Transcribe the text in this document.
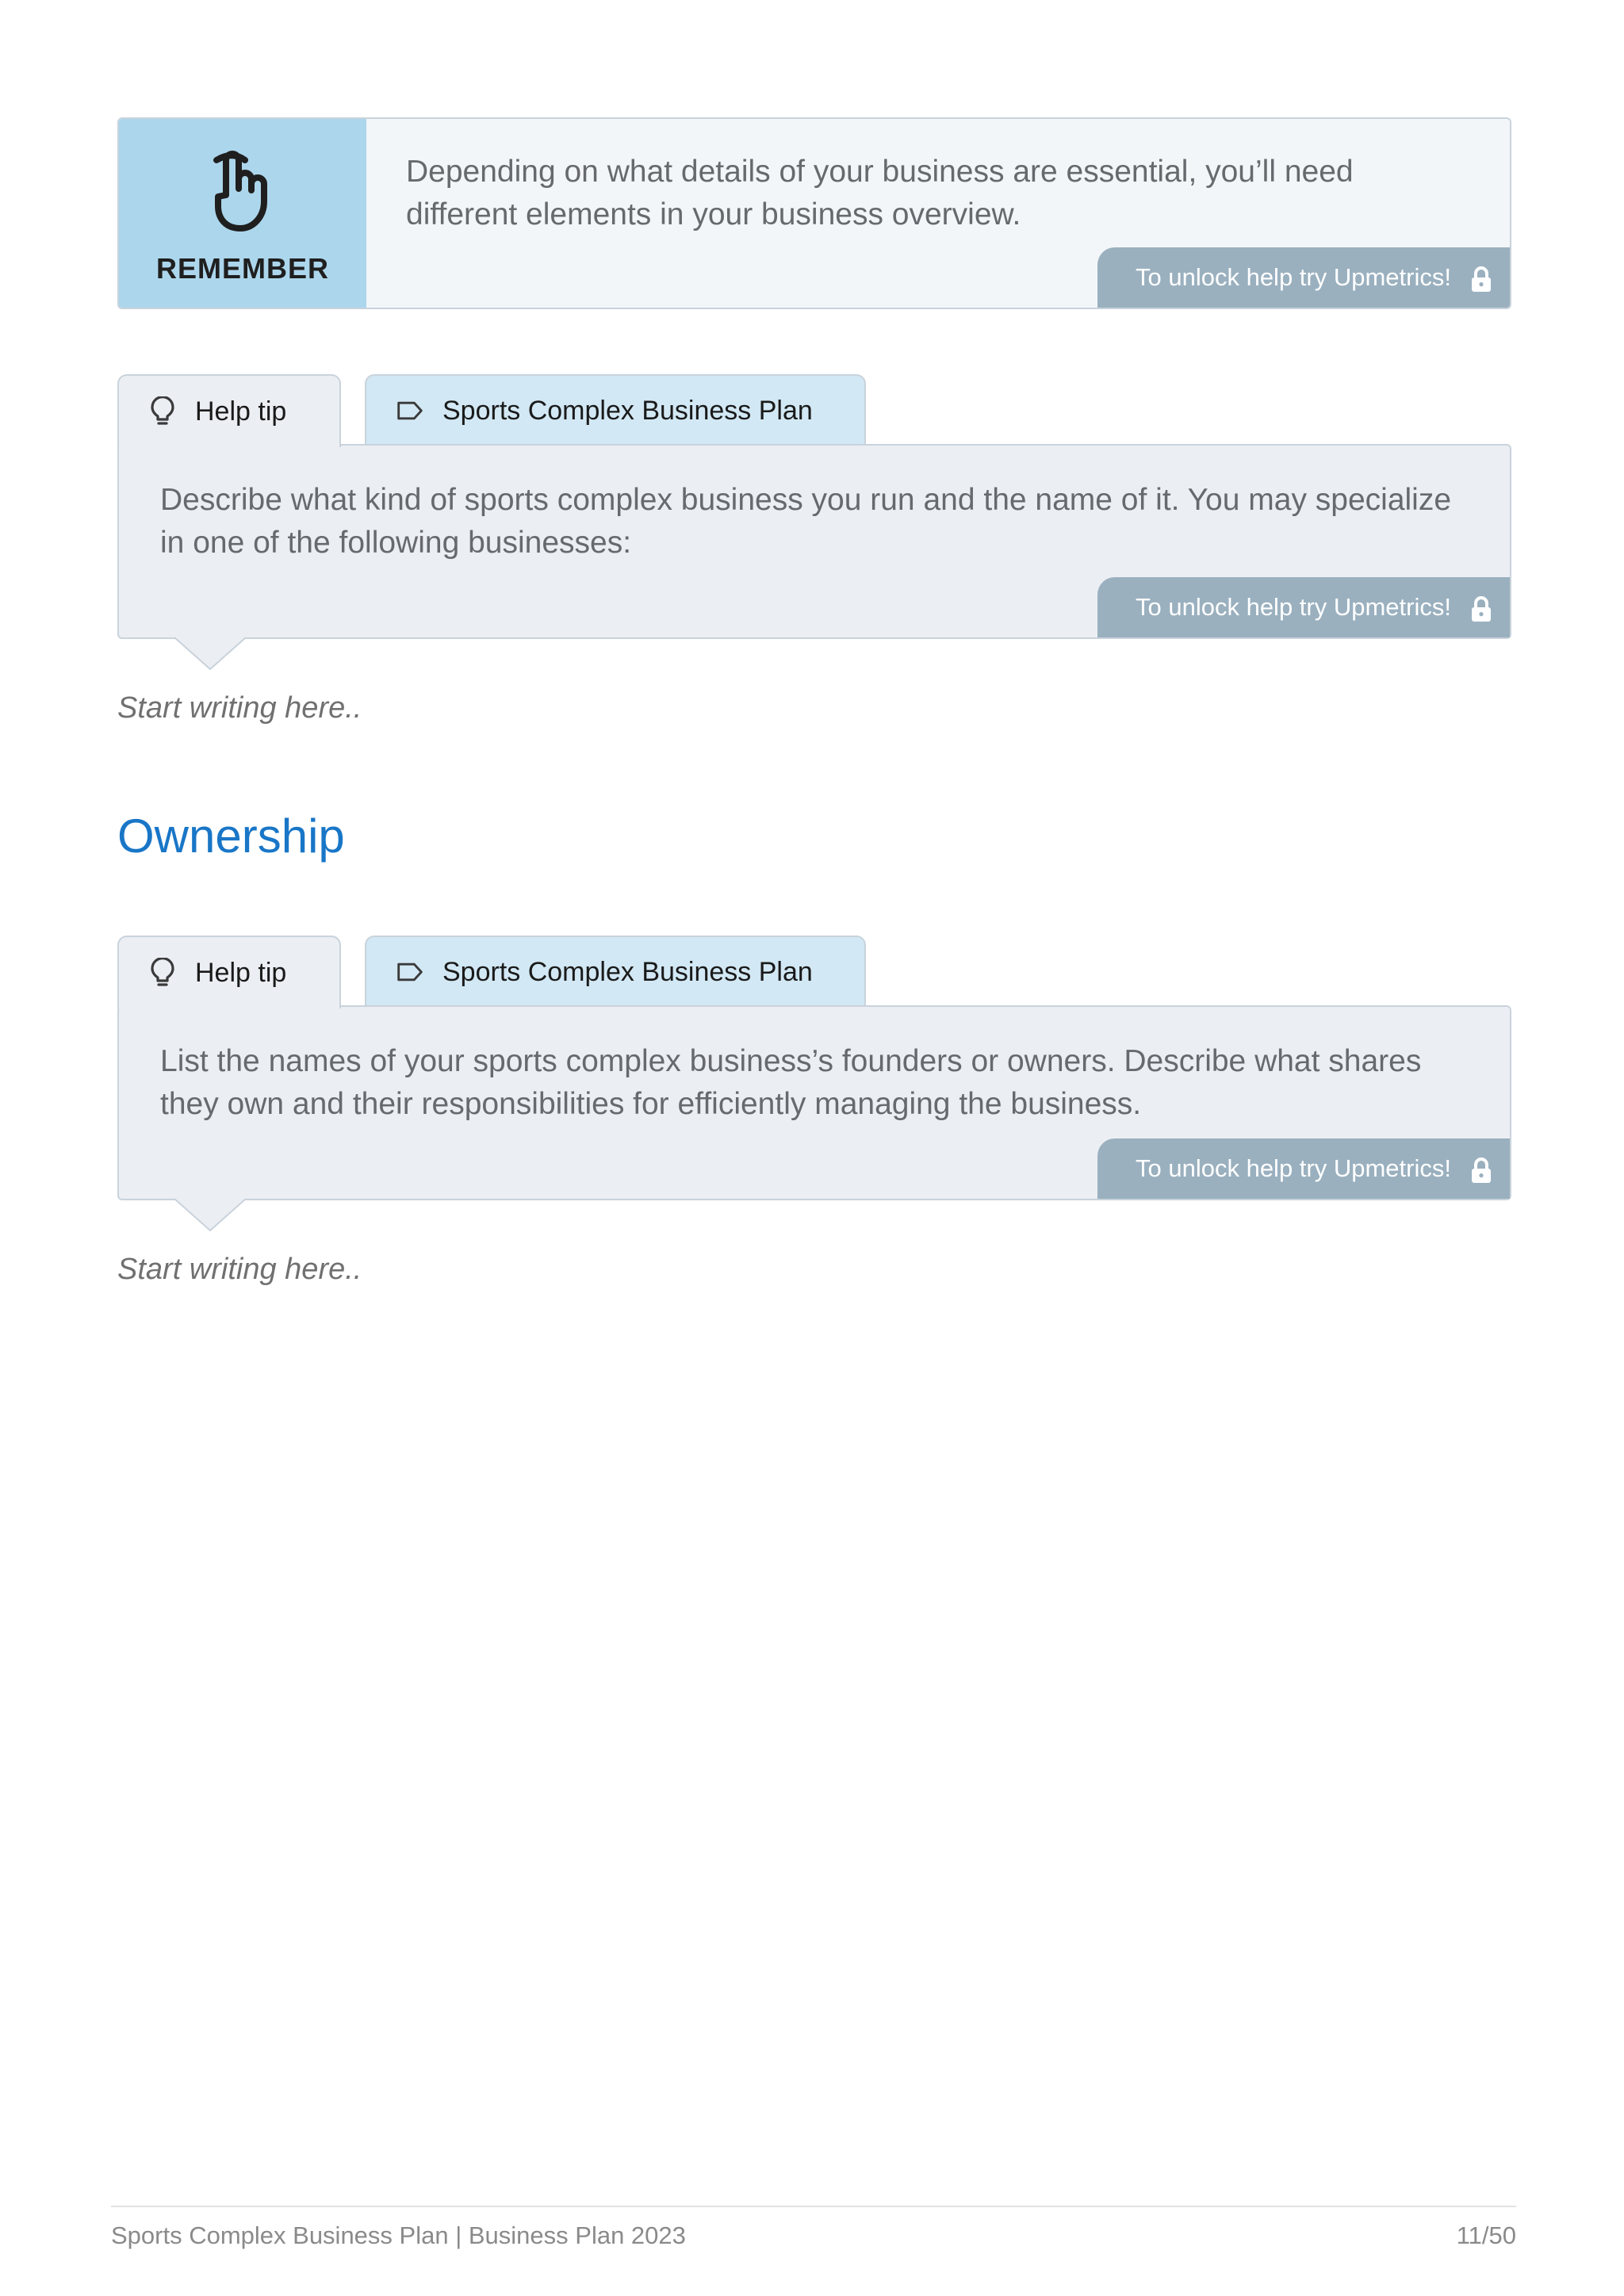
REMEMBER
Depending on what details of your business are essential, you’ll need different elements in your business overview.
To unlock help try Upmetrics!
Help tip	Sports Complex Business Plan
Describe what kind of sports complex business you run and the name of it. You may specialize in one of the following businesses:
To unlock help try Upmetrics!
Start writing here..
Ownership
Help tip	Sports Complex Business Plan
List the names of your sports complex business’s founders or owners. Describe what shares they own and their responsibilities for efficiently managing the business.
To unlock help try Upmetrics!
Start writing here..
Sports Complex Business Plan | Business Plan 2023	11/50
